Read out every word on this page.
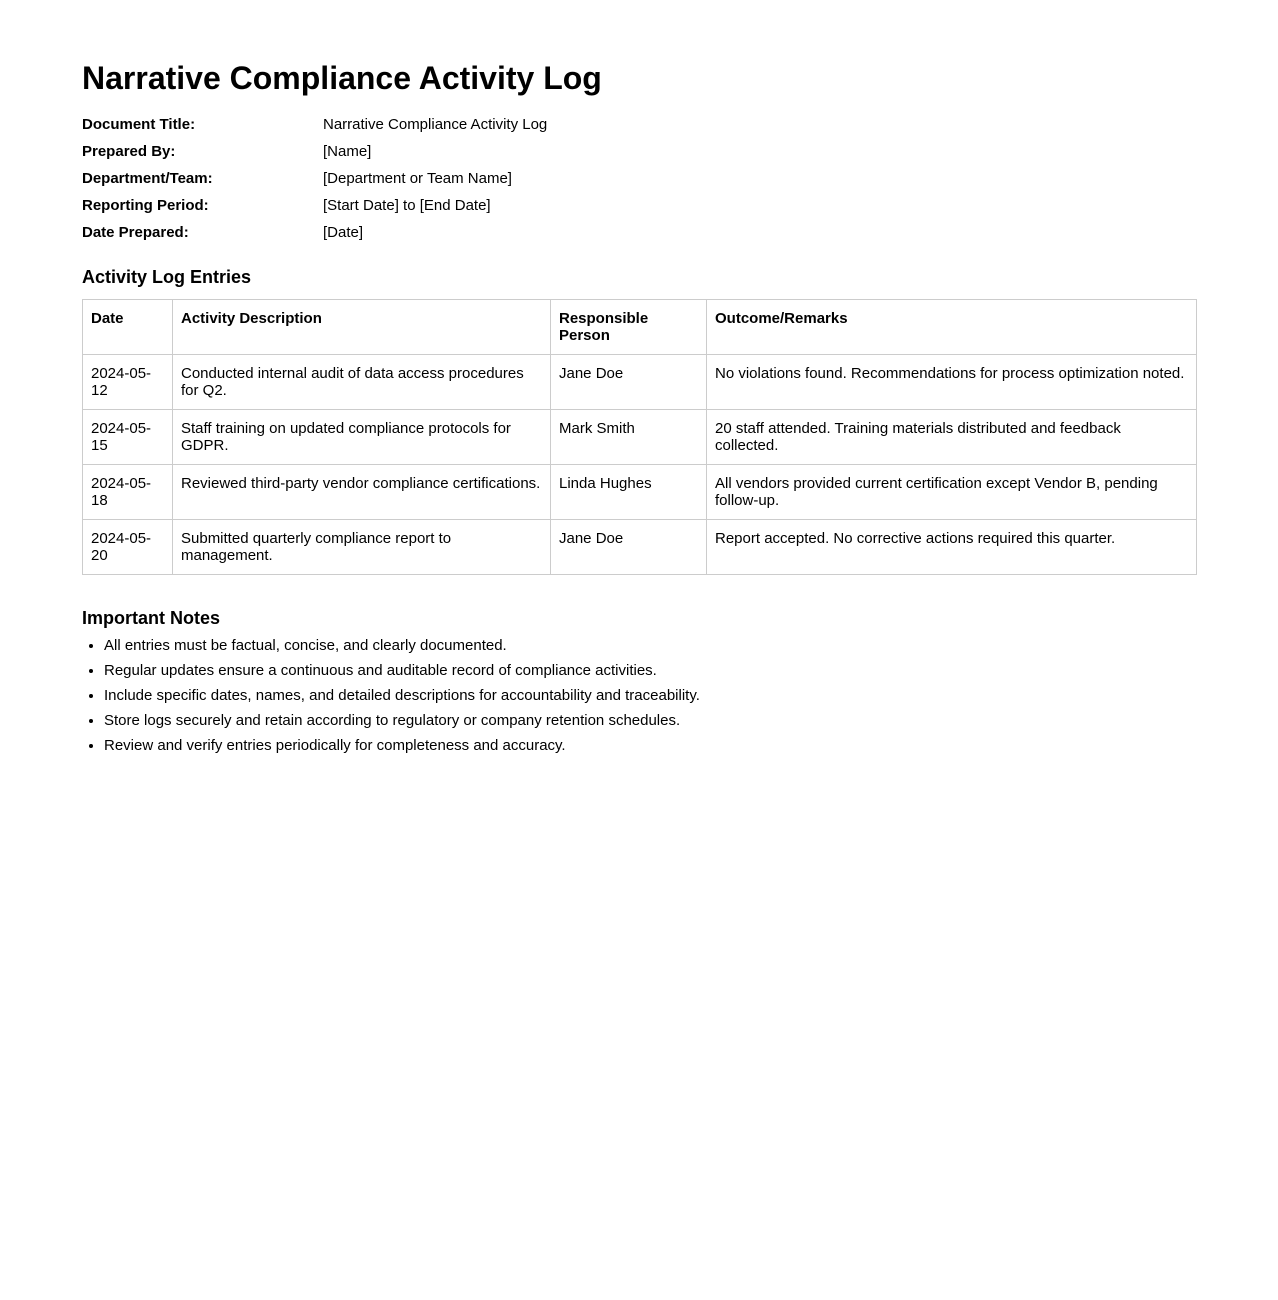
Narrative Compliance Activity Log
Document Title:	Narrative Compliance Activity Log
Prepared By:	[Name]
Department/Team:	[Department or Team Name]
Reporting Period:	[Start Date] to [End Date]
Date Prepared:	[Date]
Activity Log Entries
Date	Activity Description	Responsible Person	Outcome/Remarks
2024-05-12	Conducted internal audit of data access procedures for Q2.	Jane Doe	No violations found. Recommendations for process optimization noted.
2024-05-15	Staff training on updated compliance protocols for GDPR.	Mark Smith	20 staff attended. Training materials distributed and feedback collected.
2024-05-18	Reviewed third-party vendor compliance certifications.	Linda Hughes	All vendors provided current certification except Vendor B, pending follow-up.
2024-05-20	Submitted quarterly compliance report to management.	Jane Doe	Report accepted. No corrective actions required this quarter.
Important Notes
• All entries must be factual, concise, and clearly documented.
• Regular updates ensure a continuous and auditable record of compliance activities.
• Include specific dates, names, and detailed descriptions for accountability and traceability.
• Store logs securely and retain according to regulatory or company retention schedules.
• Review and verify entries periodically for completeness and accuracy.
